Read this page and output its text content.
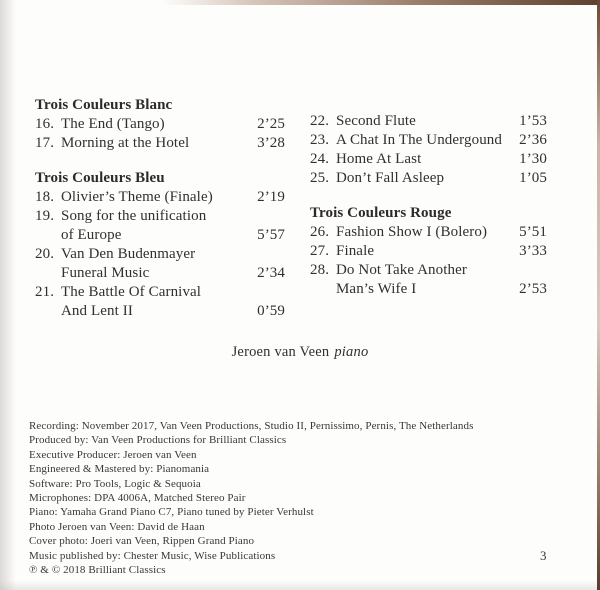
Trois Couleurs Blanc
16. The End (Tango)	2’25
17. Morning at the Hotel	3’28
Trois Couleurs Bleu
18. Olivier’s Theme (Finale)	2’19
19. Song for the unification
of Europe	5’57
20. Van Den Budenmayer
Funeral Music	2’34
21. The Battle Of Carnival
And Lent II	0’59
22. Second Flute	1’53
23. A Chat In The Undergound	2’36
24. Home At Last	1’30
25. Don’t Fall Asleep	1’05
Trois Couleurs Rouge
26. Fashion Show I (Bolero)	5’51
27. Finale	3’33
28. Do Not Take Another
Man’s Wife I	2’53
Jeroen van Veen piano
Recording: November 2017, Van Veen Productions, Studio II, Pernissimo, Pernis, The Netherlands
Produced by: Van Veen Productions for Brilliant Classics
Executive Producer: Jeroen van Veen
Engineered & Mastered by: Pianomania
Software: Pro Tools, Logic & Sequoia
Microphones: DPA 4006A, Matched Stereo Pair
Piano: Yamaha Grand Piano C7, Piano tuned by Pieter Verhulst
Photo Jeroen van Veen: David de Haan
Cover photo: Joeri van Veen, Rippen Grand Piano
Music published by: Chester Music, Wise Publications
℗ & © 2018 Brilliant Classics
3
